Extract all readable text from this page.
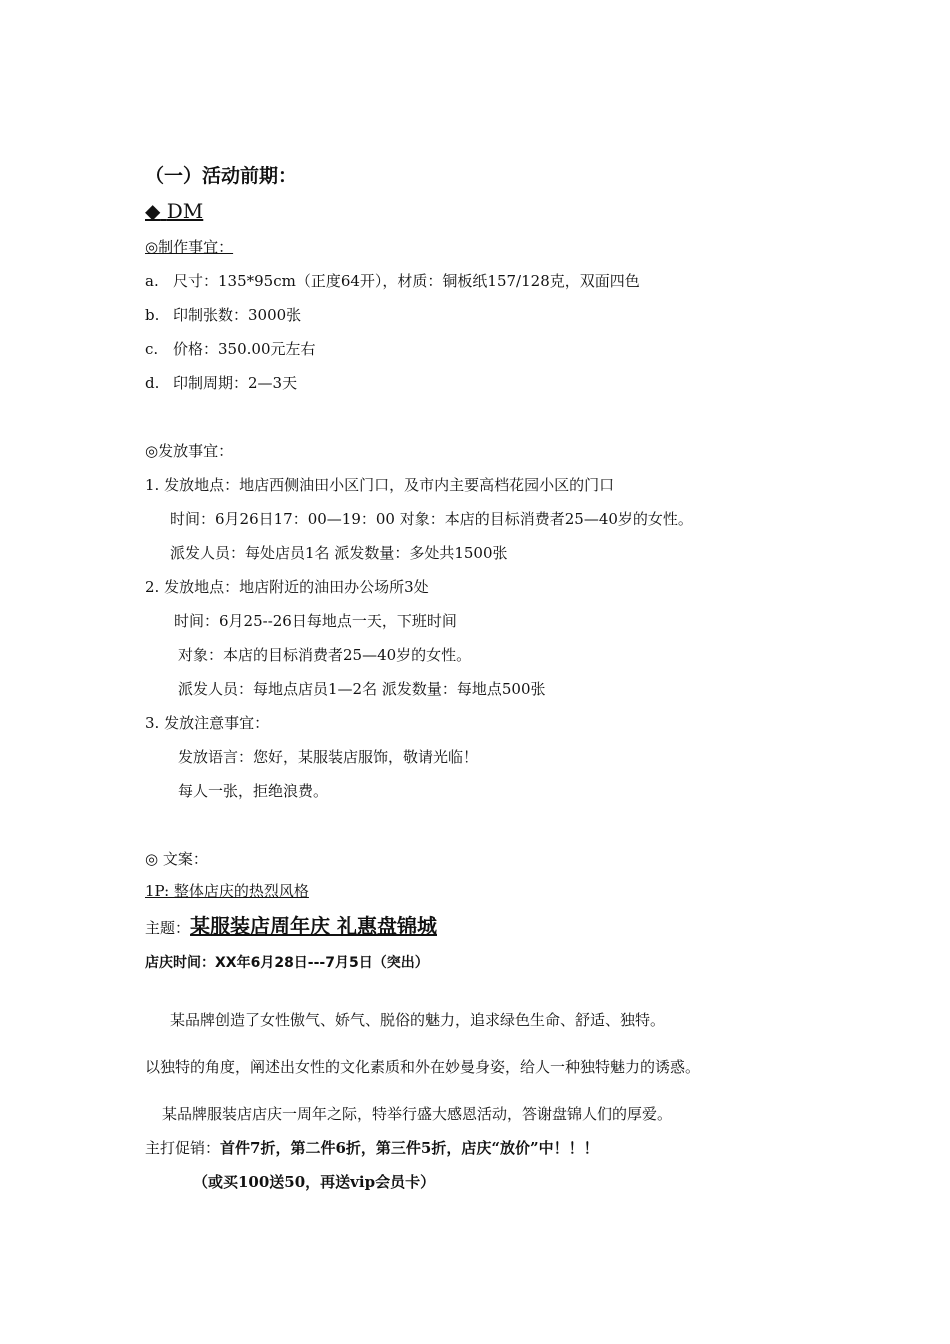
（一）活动前期：
◆ DM
◎制作事宜：
a. 尺寸：135*95cm（正度64开），材质：铜板纸157/128克，双面四色
b. 印制张数：3000张
c. 价格：350.00元左右
d. 印制周期：2—3天
◎发放事宜：
1. 发放地点：地店西侧油田小区门口，及市内主要高档花园小区的门口
时间：6月26日17：00—19：00 对象：本店的目标消费者25—40岁的女性。
派发人员：每处店员1名 派发数量：多处共1500张
2. 发放地点：地店附近的油田办公场所3处
时间：6月25--26日每地点一天，下班时间
对象：本店的目标消费者25—40岁的女性。
派发人员：每地点店员1—2名 派发数量：每地点500张
3. 发放注意事宜：
发放语言：您好，某服装店服饰，敬请光临！
每人一张，拒绝浪费。
◎ 文案：
1P: 整体店庆的热烈风格
主题：某服装店周年庆 礼惠盘锦城
店庆时间：XX年6月28日---7月5日（突出）
某品牌创造了女性傲气、娇气、脱俗的魅力，追求绿色生命、舒适、独特。
以独特的角度，阐述出女性的文化素质和外在妙曼身姿，给人一种独特魅力的诱惑。
某品牌服装店店庆一周年之际，特举行盛大感恩活动，答谢盘锦人们的厚爱。
主打促销：首件7折，第二件6折，第三件5折，店庆“放价”中！！！
（或买100送50，再送vip会员卡）
